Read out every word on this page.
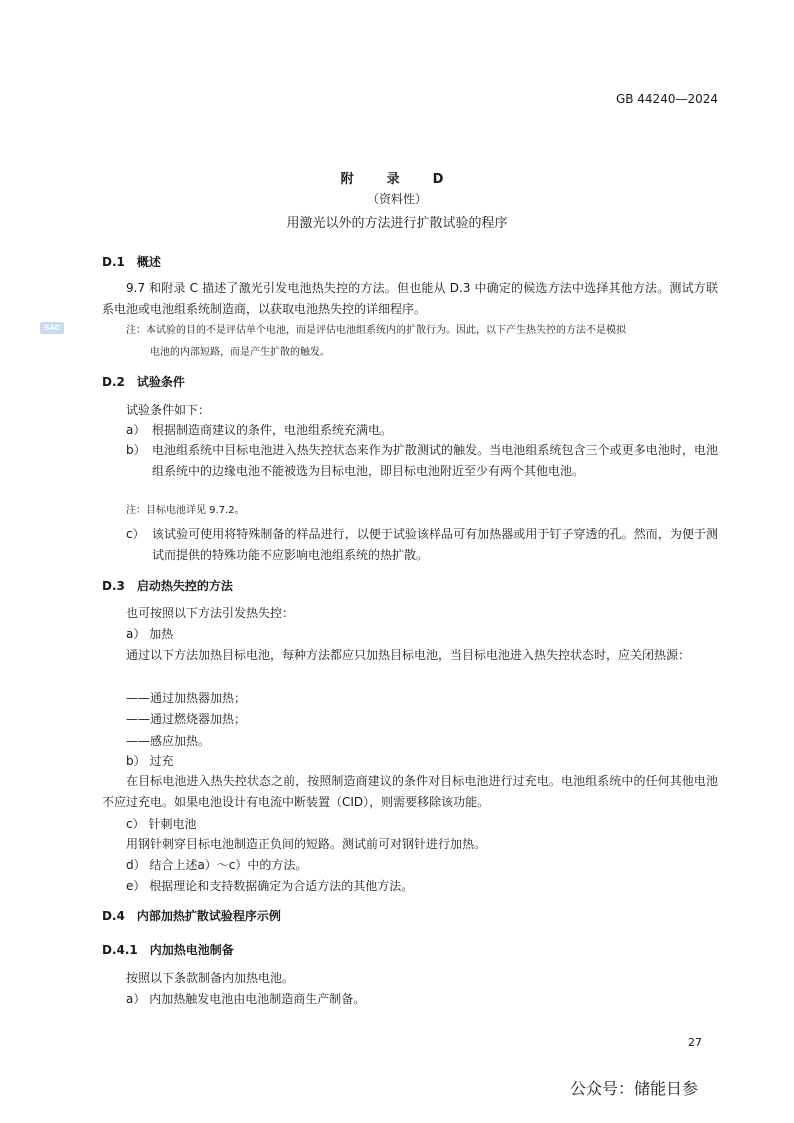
GB 44240—2024
附　录　D
（资料性）
用激光以外的方法进行扩散试验的程序
SAC
D.1 概述
9.7 和附录 C 描述了激光引发电池热失控的方法。但也能从 D.3 中确定的候选方法中选择其他方法。测试方联系电池或电池组系统制造商，以获取电池热失控的详细程序。
注：本试验的目的不是评估单个电池，而是评估电池组系统内的扩散行为。因此，以下产生热失控的方法不是模拟
电池的内部短路，而是产生扩散的触发。
D.2 试验条件
试验条件如下：
a） 根据制造商建议的条件，电池组系统充满电。
b） 电池组系统中目标电池进入热失控状态来作为扩散测试的触发。当电池组系统包含三个或更多电池时，电池组系统中的边缘电池不能被选为目标电池，即目标电池附近至少有两个其他电池。
注：目标电池详见 9.7.2。
c） 该试验可使用将特殊制备的样品进行，以便于试验该样品可有加热器或用于钉子穿透的孔。然而，为便于测试而提供的特殊功能不应影响电池组系统的热扩散。
D.3 启动热失控的方法
也可按照以下方法引发热失控：
a） 加热
通过以下方法加热目标电池，每种方法都应只加热目标电池，当目标电池进入热失控状态时，应关闭热源：
——通过加热器加热；
——通过燃烧器加热；
——感应加热。
b） 过充
在目标电池进入热失控状态之前，按照制造商建议的条件对目标电池进行过充电。电池组系统中的任何其他电池不应过充电。如果电池设计有电流中断装置（CID），则需要移除该功能。
c） 针刺电池
用钢针刺穿目标电池制造正负间的短路。测试前可对钢针进行加热。
d） 结合上述a）～c）中的方法。
e） 根据理论和支持数据确定为合适方法的其他方法。
D.4 内部加热扩散试验程序示例
D.4.1 内加热电池制备
按照以下条款制备内加热电池。
a） 内加热触发电池由电池制造商生产制备。
27
公众号：储能日参
